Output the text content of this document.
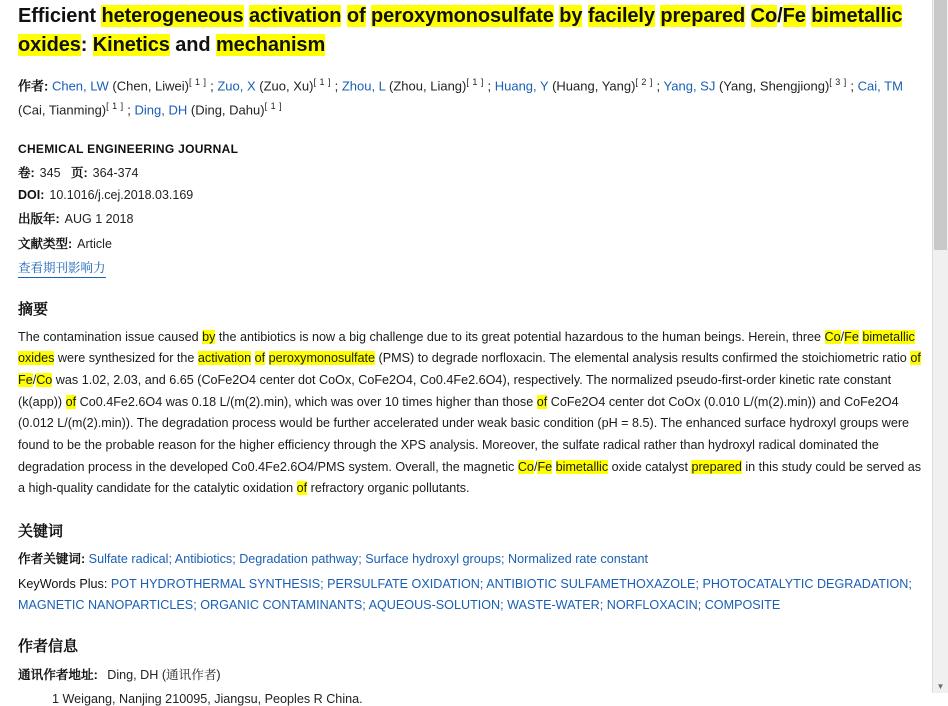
Efficient heterogeneous activation of peroxymonosulfate by facilely prepared Co/Fe bimetallic oxides: Kinetics and mechanism
作者: Chen, LW (Chen, Liwei)[ 1 ] ; Zuo, X (Zuo, Xu)[ 1 ] ; Zhou, L (Zhou, Liang)[ 1 ] ; Huang, Y (Huang, Yang)[ 2 ] ; Yang, SJ (Yang, Shengjiong)[ 3 ] ; Cai, TM (Cai, Tianming)[ 1 ] ; Ding, DH (Ding, Dahu)[ 1 ]
CHEMICAL ENGINEERING JOURNAL
卷: 345 页: 364-374
DOI: 10.1016/j.cej.2018.03.169
出版年: AUG 1 2018
文献类型: Article
查看期刊影响力
摘要
The contamination issue caused by the antibiotics is now a big challenge due to its great potential hazardous to the human beings. Herein, three Co/Fe bimetallic oxides were synthesized for the activation of peroxymonosulfate (PMS) to degrade norfloxacin. The elemental analysis results confirmed the stoichiometric ratio of Fe/Co was 1.02, 2.03, and 6.65 (CoFe2O4 center dot CoOx, CoFe2O4, Co0.4Fe2.6O4), respectively. The normalized pseudo-first-order kinetic rate constant (k(app)) of Co0.4Fe2.6O4 was 0.18 L/(m(2).min), which was over 10 times higher than those of CoFe2O4 center dot CoOx (0.010 L/(m(2).min)) and CoFe2O4 (0.012 L/(m(2).min)). The degradation process would be further accelerated under weak basic condition (pH = 8.5). The enhanced surface hydroxyl groups were found to be the probable reason for the higher efficiency through the XPS analysis. Moreover, the sulfate radical rather than hydroxyl radical dominated the degradation process in the developed Co0.4Fe2.6O4/PMS system. Overall, the magnetic Co/Fe bimetallic oxide catalyst prepared in this study could be served as a high-quality candidate for the catalytic oxidation of refractory organic pollutants.
关键词
作者关键词: Sulfate radical; Antibiotics; Degradation pathway; Surface hydroxyl groups; Normalized rate constant
KeyWords Plus: POT HYDROTHERMAL SYNTHESIS; PERSULFATE OXIDATION; ANTIBIOTIC SULFAMETHOXAZOLE; PHOTOCATALYTIC DEGRADATION; MAGNETIC NANOPARTICLES; ORGANIC CONTAMINANTS; AQUEOUS-SOLUTION; WASTE-WATER; NORFLOXACIN; COMPOSITE
作者信息
通讯作者地址: Ding, DH (通讯作者)
1 Weigang, Nanjing 210095, Jiangsu, Peoples R China.
▼
